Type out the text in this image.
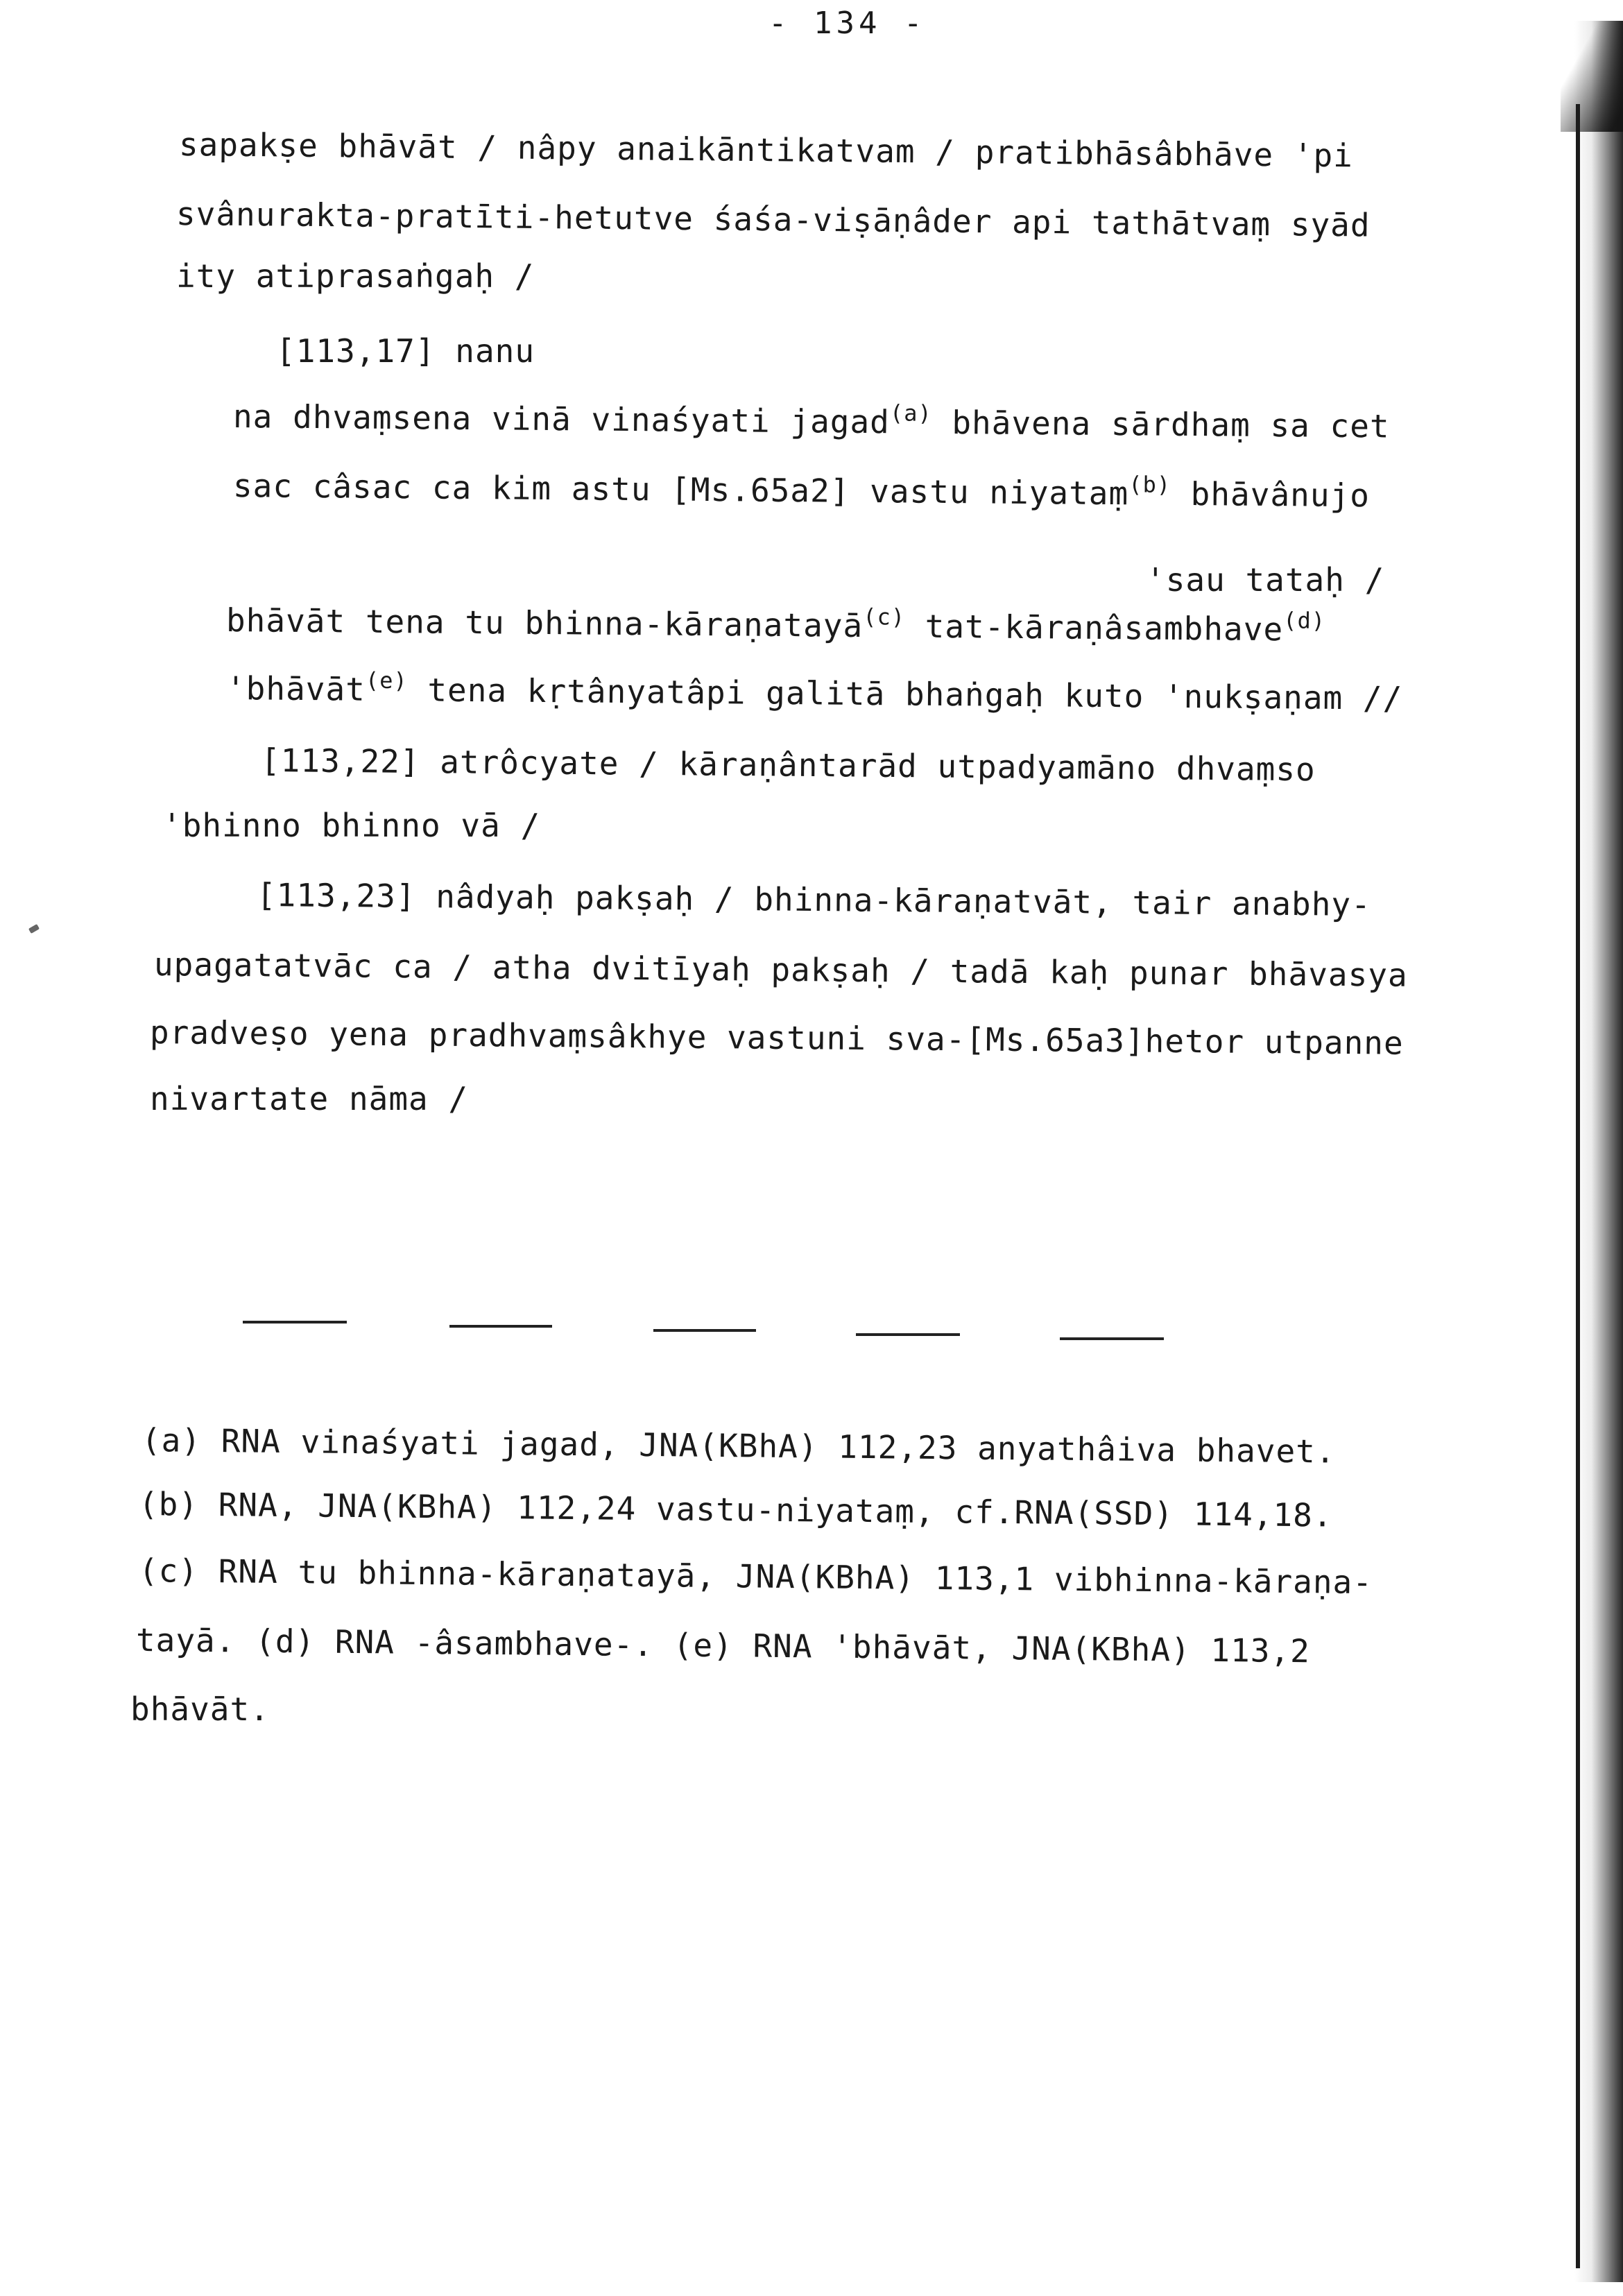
- 134 -
sapakṣe bhāvāt / nâpy anaikāntikatvam / pratibhāsâbhāve 'pi
svânurakta-pratīti-hetutve śaśa-viṣāṇâder api tathātvaṃ syād
ity atiprasaṅgaḥ /
[113,17] nanu
na dhvaṃsena vinā vinaśyati jagad$^{(a)}$ bhāvena sārdhaṃ sa cet
sac câsac ca kim astu [Ms.65a2] vastu niyataṃ$^{(b)}$ bhāvânujo
'sau tataḥ /
bhāvāt tena tu bhinna-kāraṇatayā$^{(c)}$ tat-kāraṇâsambhave$^{(d)}$
'bhāvāt$^{(e)}$ tena kṛtânyatâpi galitā bhaṅgaḥ kuto 'nukṣaṇam //
[113,22] atrôcyate / kāraṇântarād utpadyamāno dhvaṃso
'bhinno bhinno vā /
[113,23] nâdyaḥ pakṣaḥ / bhinna-kāraṇatvāt, tair anabhy-
upagatatvāc ca / atha dvitīyaḥ pakṣaḥ / tadā kaḥ punar bhāvasya
pradveṣo yena pradhvaṃsâkhye vastuni sva-[Ms.65a3]hetor utpanne
nivartate nāma /
(a) RNA vinaśyati jagad, JNA(KBhA) 112,23 anyathâiva bhavet.
(b) RNA, JNA(KBhA) 112,24 vastu-niyataṃ, cf.RNA(SSD) 114,18.
(c) RNA tu bhinna-kāraṇatayā, JNA(KBhA) 113,1 vibhinna-kāraṇa-
tayā. (d) RNA -âsambhave-. (e) RNA 'bhāvāt, JNA(KBhA) 113,2
bhāvāt.
